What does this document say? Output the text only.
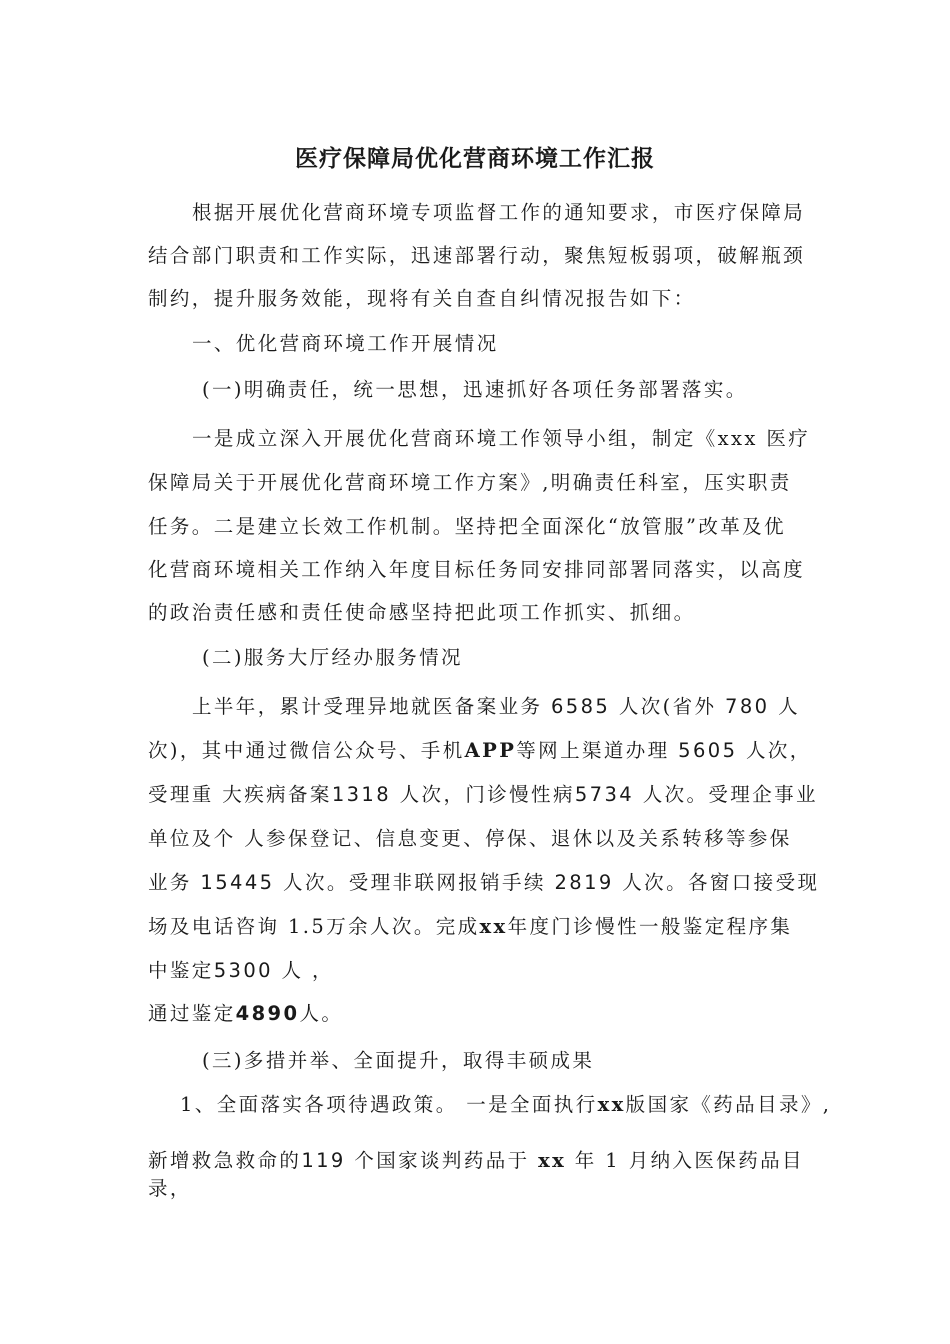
医疗保障局优化营商环境工作汇报
根据开展优化营商环境专项监督工作的通知要求，市医疗保障局
结合部门职责和工作实际，迅速部署行动，聚焦短板弱项，破解瓶颈
制约，提升服务效能，现将有关自查自纠情况报告如下：
一、优化营商环境工作开展情况
(一)明确责任，统一思想，迅速抓好各项任务部署落实。
一是成立深入开展优化营商环境工作领导小组，制定《xxx 医疗
保障局关于开展优化营商环境工作方案》,明确责任科室，压实职责
任务。二是建立长效工作机制。坚持把全面深化“放管服”改革及优
化营商环境相关工作纳入年度目标任务同安排同部署同落实，以高度
的政治责任感和责任使命感坚持把此项工作抓实、抓细。
(二)服务大厅经办服务情况
上半年，累计受理异地就医备案业务 6585 人次(省外 780 人
次)，其中通过微信公众号、手机APP等网上渠道办理 5605 人次，
受理重 大疾病备案1318 人次，门诊慢性病5734 人次。受理企事业
单位及个 人参保登记、信息变更、停保、退休以及关系转移等参保
业务 15445 人次。受理非联网报销手续 2819 人次。各窗口接受现
场及电话咨询 1.5万余人次。完成xx年度门诊慢性一般鉴定程序集
中鉴定5300 人 ，
通过鉴定4890人。
(三)多措并举、全面提升，取得丰硕成果
1、全面落实各项待遇政策。 一是全面执行xx版国家《药品目录》,
新增救急救命的119 个国家谈判药品于 xx 年 1 月纳入医保药品目
录，
